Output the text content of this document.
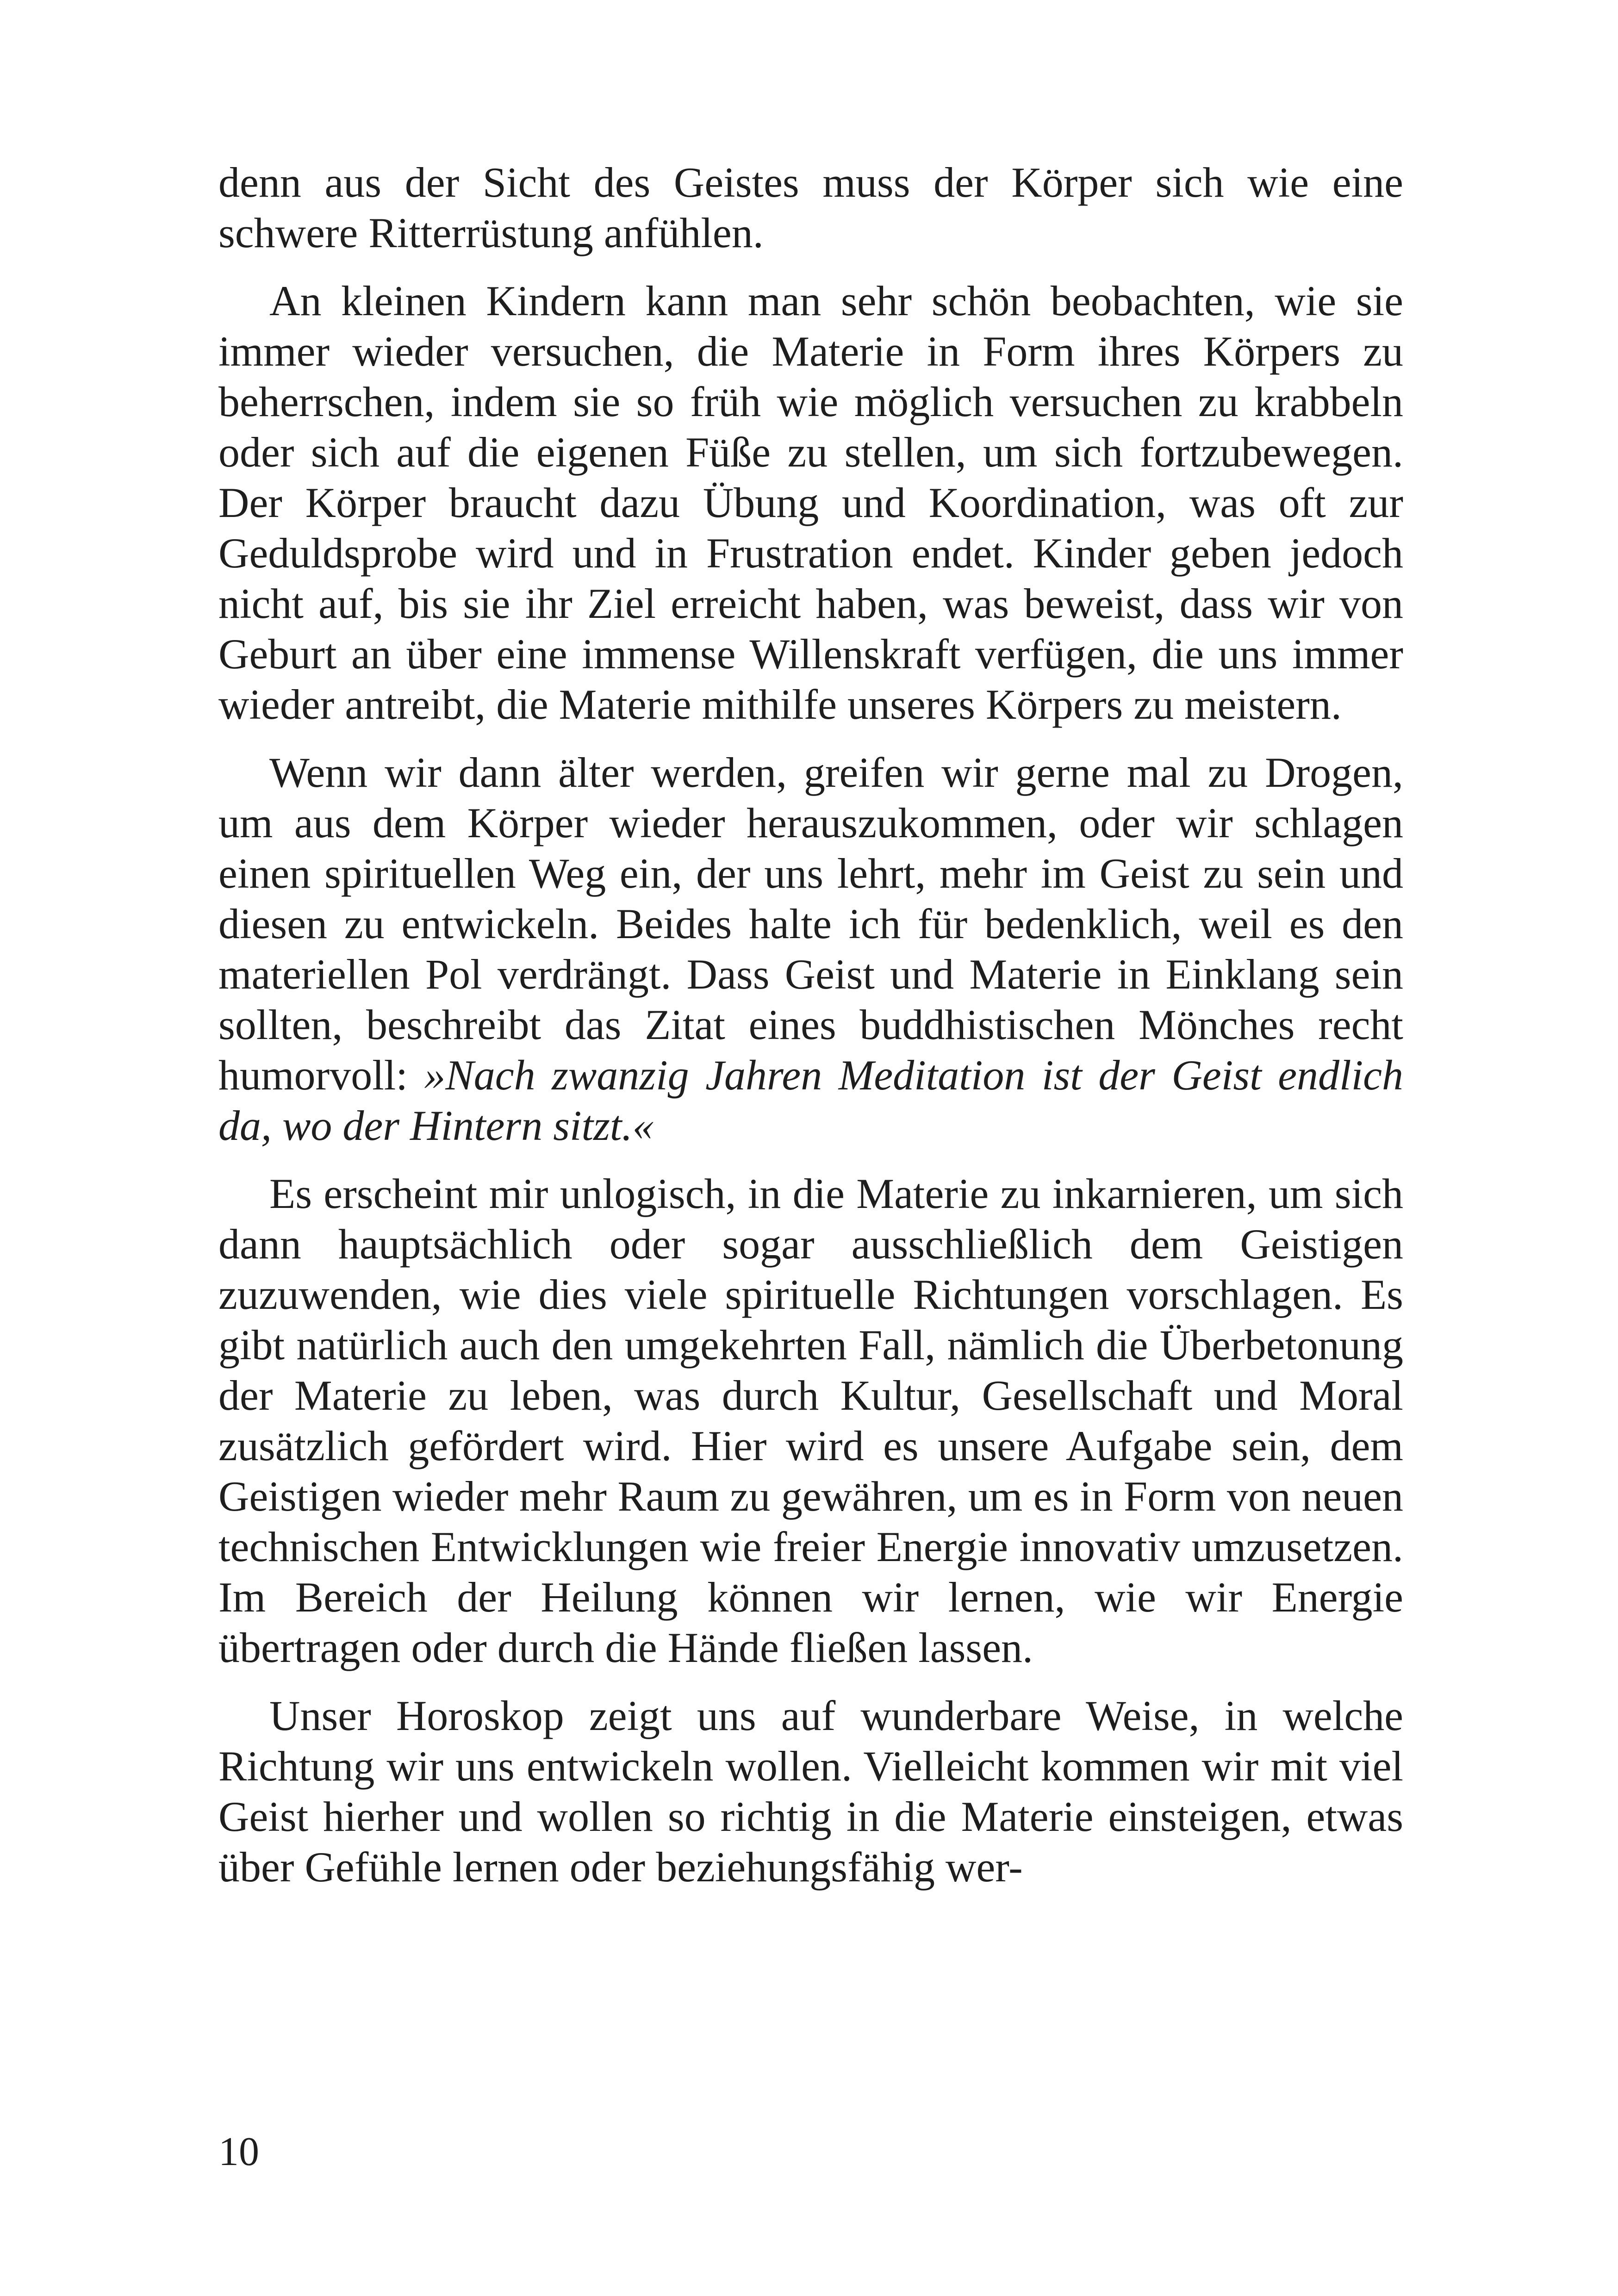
denn aus der Sicht des Geistes muss der Körper sich wie eine schwere Ritterrüstung anfühlen.

An kleinen Kindern kann man sehr schön beobachten, wie sie immer wieder versuchen, die Materie in Form ihres Körpers zu beherrschen, indem sie so früh wie möglich versuchen zu krabbeln oder sich auf die eigenen Füße zu stellen, um sich fortzubewegen. Der Körper braucht dazu Übung und Koordination, was oft zur Geduldsprobe wird und in Frustration endet. Kinder geben jedoch nicht auf, bis sie ihr Ziel erreicht haben, was beweist, dass wir von Geburt an über eine immense Willenskraft verfügen, die uns immer wieder antreibt, die Materie mithilfe unseres Körpers zu meistern.

Wenn wir dann älter werden, greifen wir gerne mal zu Drogen, um aus dem Körper wieder herauszukommen, oder wir schlagen einen spirituellen Weg ein, der uns lehrt, mehr im Geist zu sein und diesen zu entwickeln. Beides halte ich für bedenklich, weil es den materiellen Pol verdrängt. Dass Geist und Materie in Einklang sein sollten, beschreibt das Zitat eines buddhistischen Mönches recht humorvoll: »Nach zwanzig Jahren Meditation ist der Geist endlich da, wo der Hintern sitzt.«

Es erscheint mir unlogisch, in die Materie zu inkarnieren, um sich dann hauptsächlich oder sogar ausschließlich dem Geistigen zuzuwenden, wie dies viele spirituelle Richtungen vorschlagen. Es gibt natürlich auch den umgekehrten Fall, nämlich die Überbetonung der Materie zu leben, was durch Kultur, Gesellschaft und Moral zusätzlich gefördert wird. Hier wird es unsere Aufgabe sein, dem Geistigen wieder mehr Raum zu gewähren, um es in Form von neuen technischen Entwicklungen wie freier Energie innovativ umzusetzen. Im Bereich der Heilung können wir lernen, wie wir Energie übertragen oder durch die Hände fließen lassen.

Unser Horoskop zeigt uns auf wunderbare Weise, in welche Richtung wir uns entwickeln wollen. Vielleicht kommen wir mit viel Geist hierher und wollen so richtig in die Materie einsteigen, etwas über Gefühle lernen oder beziehungsfähig wer-

10
